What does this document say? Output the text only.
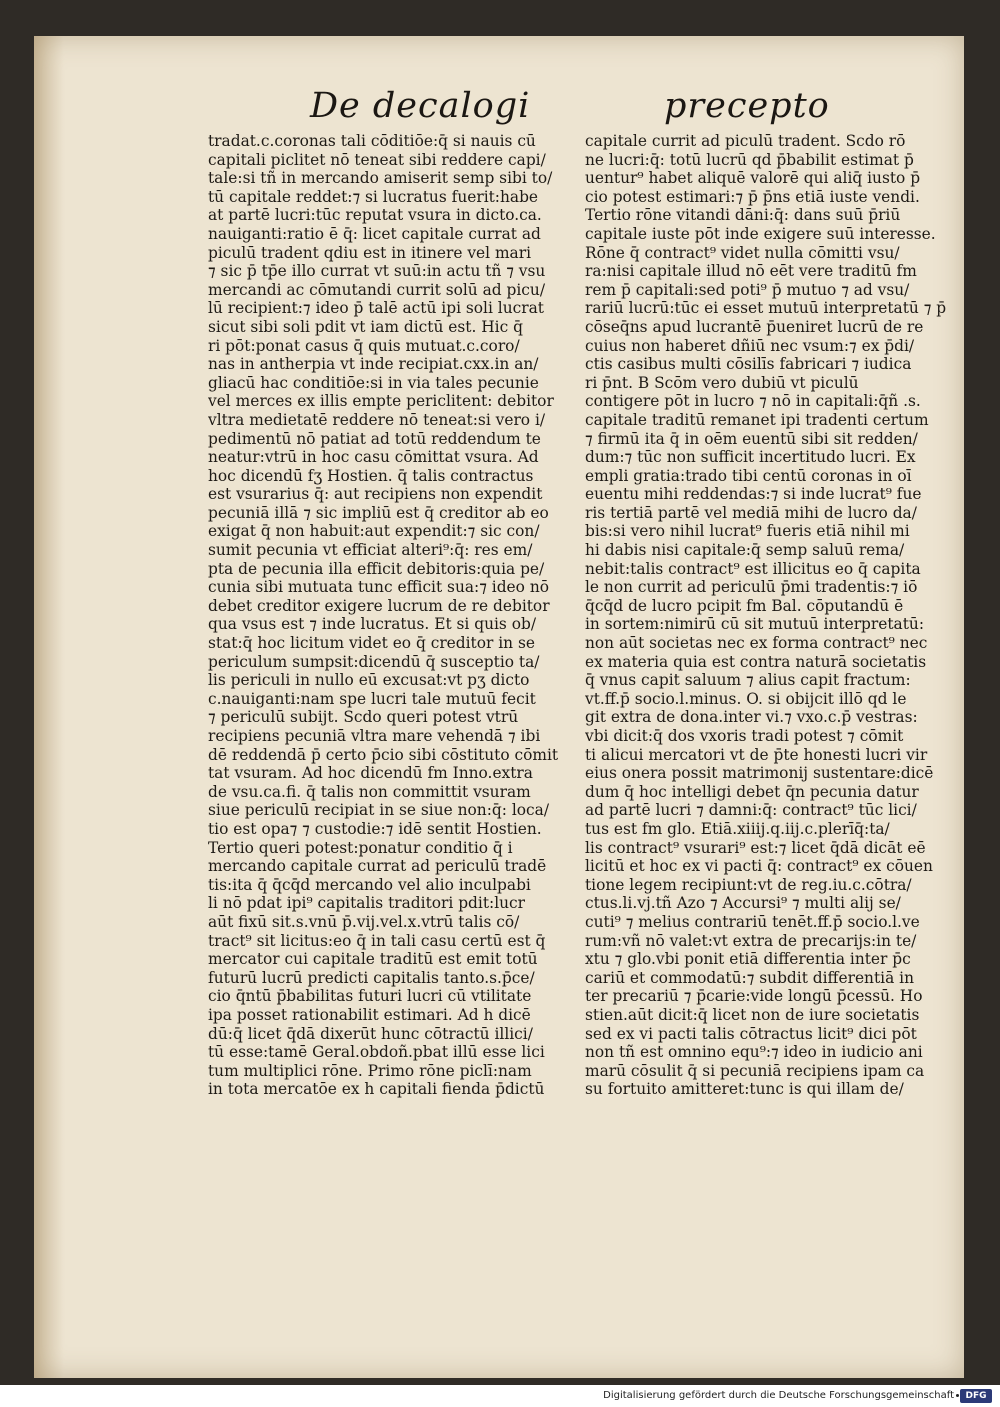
De decalogi	precepto
tradat.c.coronas tali cōditiōe:q̄ si nauis cū
capitali piclitet nō teneat sibi reddere capi/
tale:si tñ in mercando amiserit semp sibi to/
tū capitale reddet:⁊ si lucratus fuerit:habe
at partē lucri:tūc reputat vsura in dicto.ca.
nauiganti:ratio ē q̄: licet capitale currat ad
piculū tradent̄ qdiu est in itinere vel mari
⁊ sic p̄ tp̄e illo currat vt suū:in actu tñ ⁊ vsu
mercandi ac cōmutandi currit solū ad picu/
lū recipient̄:⁊ ideo p̄ talē actū ipi soli lucrat
sicut sibi soli pdit vt iam dictū est. Hic q̄
ri pōt:ponat casus q̄ quis mutuat.c.coro/
nas in antherpia vt inde recipiat.cxx.in an/
gliacū hac conditiōe:si in via tales pecunie
vel merces ex illis empte periclitent: debitor
vltra medietatē reddere nō teneat:si vero i/
pedimentū nō patiat ad totū reddendum te
neatur:vtrū in hoc casu cōmittat vsura. Ad
hoc dicendū fʒ Hostien. q̄ talis contractus
est vsurarius q̄: aut recipiens non expendit
pecuniā illā ⁊ sic impliū est q̄ creditor ab eo
exigat q̄ non habuit:aut expendit:⁊ sic con/
sumit pecunia vt efficiat alteri⁹:q̄: res em/
pta de pecunia illa efficit debitoris:quia pe/
cunia sibi mutuata tunc efficit sua:⁊ ideo nō
debet creditor exigere lucrum de re debitor
qua vsus est ⁊ inde lucratus. Et si quis ob/
stat:q̄ hoc licitum videt eo q̄ creditor in se
periculum sumpsit:dicendū q̄ susceptio ta/
lis periculi in nullo eū excusat:vt pʒ dicto
c.nauiganti:nam spe lucri tale mutuū fecit
⁊ periculū subijt. Scdo queri potest vtrū
recipiens pecuniā vltra mare vehendā ⁊ ibi
dē reddendā p̄ certo p̄cio sibi cōstituto cōmit
tat vsuram. Ad hoc dicendū fm Inno.extra
de vsu.ca.fi. q̄ talis non committit vsuram
siue periculū recipiat in se siue non:q̄: loca/
tio est opa⁊ ⁊ custodie:⁊ idē sentit Hostien.
Tertio queri potest:ponatur conditio q̄ i
mercando capitale currat ad periculū tradē
tis:ita q̄ q̄cq̄d mercando vel alio inculpabi
li nō pdat ipi⁹ capitalis traditori pdit:lucr
aūt fixū sit.s.vnū p̄.vij.vel.x.vtrū talis cō/
tract⁹ sit licitus:eo q̄ in tali casu certū est q̄
mercator cui capitale traditū est emit totū
futurū lucrū predicti capitalis tanto.s.p̄ce/
cio q̄ntū p̄babilitas futuri lucri cū vtilitate
ipa posset rationabilit estimari. Ad h̄ dicē
dū:q̄ licet q̄dā dixerūt hunc cōtractū illici/
tū esse:tamē Geral.obdoñ.pbat illū esse lici
tum multiplici rōne. Primo rōne piclī:nam
in tota mercatōe ex h̄ capitali fienda p̄dictū
capitale currit ad piculū tradent̄. Scdo rō
ne lucri:q̄: totū lucrū qd p̄babilit estimat p̄
uentur⁹ habet aliquē valorē qui aliq̄ iusto p̄
cio potest estimari:⁊ p̄ p̄ns etiā iuste vendi.
Tertio rōne vitandi dāni:q̄: dans suū p̄riū
capitale iuste pōt inde exigere suū interesse.
Rōne q̄ contract⁹ videt nulla cōmitti vsu/
ra:nisi capitale illud nō eēt vere traditū fm
rem p̄ capitali:sed poti⁹ p̄ mutuo ⁊ ad vsu/
rariū lucrū:tūc ei esset mutuū interpretatū ⁊ p̄
cōseq̄ns apud lucrantē p̄ueniret lucrū de re
cuius non haberet dñiū nec vsum:⁊ ex p̄di/
ctis casibus multi cōsilīs fabricari ⁊ iudica
ri p̄nt. B Scōm vero dubiū vt̄ piculū
contigere pōt in lucro ⁊ nō in capitali:q̄ñ .s.
capitale traditū remanet ipi tradenti certum
⁊ firmū ita q̄ in oēm euentū sibi sit redden/
dum:⁊ tūc non sufficit incertitudo lucri. Ex
empli gratia:trado tibi centū coronas in oī
euentu mihi reddendas:⁊ si inde lucrat⁹ fue
ris tertiā partē vel mediā mihi de lucro da/
bis:si vero nihil lucrat⁹ fueris etiā nihil mi
hi dabis nisi capitale:q̄ semp saluū rema/
nebit:talis contract⁹ est illicitus eo q̄ capita
le non currit ad periculū p̄mi tradentis:⁊ iō
q̄cq̄d de lucro pcipit fm Bal. cōputandū ē
in sortem:nimirū cū sit mutuū interpretatū:
non aūt societas nec ex forma contract⁹ nec
ex materia quia est contra naturā societatis
q̄ vnus capit saluum ⁊ alius capit fractum:
vt.ff.p̄ socio.l.minus. O. si obijcit illō qd le
git extra de dona.inter vi.⁊ vxo.c.p̄ vestras:
vbi dicit:q̄ dos vxoris tradi potest ⁊ cōmit
ti alicui mercatori vt de p̄te honesti lucri vir
eius onera possit matrimonij sustentare:dicē
dum q̄ hoc intelligi debet q̄n pecunia datur
ad partē lucri ⁊ damni:q̄: contract⁹ tūc lici/
tus est fm glo. Etiā.xiiij.q.iij.c.plerīq̄:ta/
lis contract⁹ vsurari⁹ est:⁊ licet q̄dā dicāt eē
licitū et hoc ex vi pacti q̄: contract⁹ ex cōuen
tione legem recipiunt:vt de reg.iu.c.cōtra/
ctus.li.vj.tñ Azo ⁊ Accursi⁹ ⁊ multi alij se/
cuti⁹ ⁊ melius contrariū tenēt.ff.p̄ socio.l.ve
rum:vñ nō valet:vt extra de precarijs:in te/
xtu ⁊ glo.vbi ponit etiā differentia inter p̄c
cariū et commodatū:⁊ subdit differentiā in
ter precariū ⁊ p̄carie:vide longū p̄cessū. Ho
stien.aūt dicit:q̄ licet non de iure societatis
sed ex vi pacti talis cōtractus licit⁹ dici pōt
non tñ est omnino equ⁹:⁊ ideo in iudicio ani
marū cōsulit q̄ si pecuniā recipiens ipam ca
su fortuito amitteret:tunc is qui illam de/
Digitalisierung gefördert durch die Deutsche Forschungsgemeinschaft	DFG
